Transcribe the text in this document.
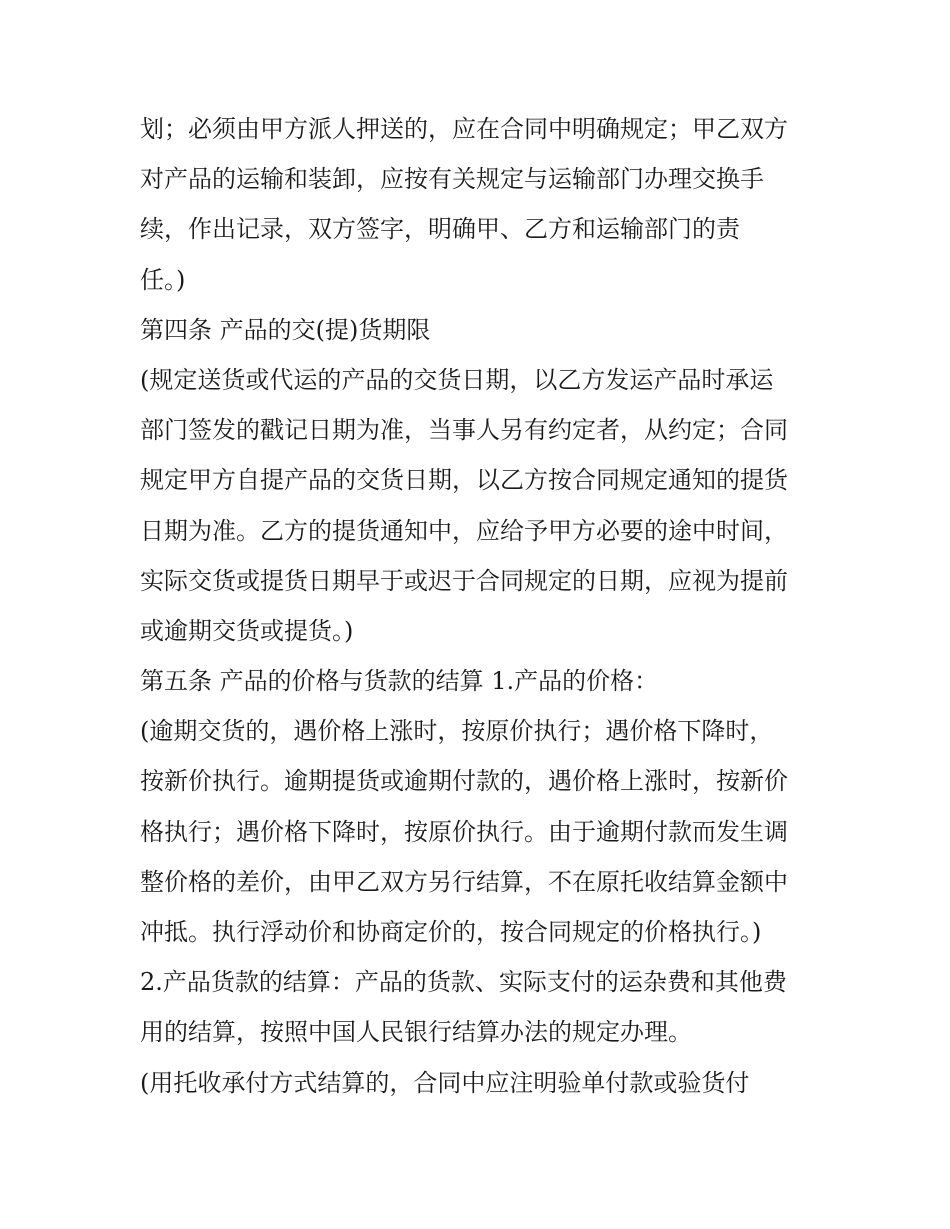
划；必须由甲方派人押送的，应在合同中明确规定；甲乙双方
对产品的运输和装卸，应按有关规定与运输部门办理交换手
续，作出记录，双方签字，明确甲、乙方和运输部门的责
任。)
第四条 产品的交(提)货期限
(规定送货或代运的产品的交货日期，以乙方发运产品时承运
部门签发的戳记日期为准，当事人另有约定者，从约定；合同
规定甲方自提产品的交货日期，以乙方按合同规定通知的提货
日期为准。乙方的提货通知中，应给予甲方必要的途中时间，
实际交货或提货日期早于或迟于合同规定的日期，应视为提前
或逾期交货或提货。)
第五条 产品的价格与货款的结算 1.产品的价格：
(逾期交货的，遇价格上涨时，按原价执行；遇价格下降时，
按新价执行。逾期提货或逾期付款的，遇价格上涨时，按新价
格执行；遇价格下降时，按原价执行。由于逾期付款而发生调
整价格的差价，由甲乙双方另行结算，不在原托收结算金额中
冲抵。执行浮动价和协商定价的，按合同规定的价格执行。)
2.产品货款的结算：产品的货款、实际支付的运杂费和其他费
用的结算，按照中国人民银行结算办法的规定办理。
(用托收承付方式结算的，合同中应注明验单付款或验货付
